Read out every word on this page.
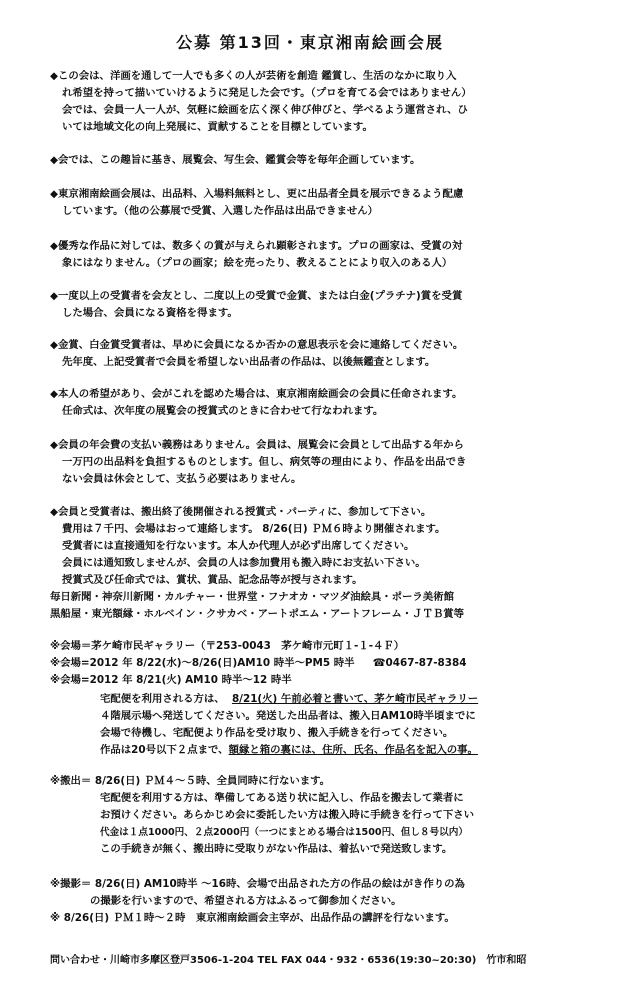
公募 第13回・東京湘南絵画会展
◆この会は、洋画を通して一人でも多くの人が芸術を創造 鑑賞し、生活のなかに取り入
れ希望を持って描いていけるように発足した会です。（プロを育てる会ではありません）
会では、会員一人一人が、気軽に絵画を広く深く伸び伸びと、学べるよう運営され、ひ
いては地域文化の向上発展に、貢献することを目標としています。
◆会では、この趣旨に基き、展覧会、写生会、鑑賞会等を毎年企画しています。
◆東京湘南絵画会展は、出品料、入場料無料とし、更に出品者全員を展示できるよう配慮
しています。（他の公募展で受賞、入選した作品は出品できません）
◆優秀な作品に対しては、数多くの賞が与えられ顕彰されます。プロの画家は、受賞の対
象にはなりません。（プロの画家；絵を売ったり、教えることにより収入のある人）
◆一度以上の受賞者を会友とし、二度以上の受賞で金賞、または白金(プラチナ)賞を受賞
した場合、会員になる資格を得ます。
◆金賞、白金賞受賞者は、早めに会員になるか否かの意思表示を会に連絡してください。
先年度、上記受賞者で会員を希望しない出品者の作品は、以後無鑑査とします。
◆本人の希望があり、会がこれを認めた場合は、東京湘南絵画会の会員に任命されます。
任命式は、次年度の展覧会の授賞式のときに合わせて行なわれます。
◆会員の年会費の支払い義務はありません。会員は、展覧会に会員として出品する年から
一万円の出品料を負担するものとします。但し、病気等の理由により、作品を出品でき
ない会員は休会として、支払う必要はありません。
◆会員と受賞者は、搬出終了後開催される授賞式・パーティに、参加して下さい。
費用は７千円、会場はおって連絡します。 8/26(日) ＰＭ６時より開催されます。
受賞者には直接通知を行ないます。本人か代理人が必ず出席してください。
会員には通知致しませんが、会員の人は参加費用も搬入時にお支払い下さい。
授賞式及び任命式では、賞状、賞品、記念品等が授与されます。
毎日新聞・神奈川新聞・カルチャー・世界堂・フナオカ・マツダ油絵具・ポーラ美術館
黒船屋・東光額縁・ホルベイン・クサカベ・アートポエム・アートフレーム・ＪＴＢ賞等
※会場＝茅ケ崎市民ギャラリー（〒253-0043　茅ケ崎市元町１-１-４Ｆ）
※会場=2012 年 8/22(水)～8/26(日)AM10 時半～PM5 時半 ☎0467-87-8384
※会場=2012 年 8/21(火) AM10 時半～12 時半
宅配便を利用される方は、 8/21(火) 午前必着と書いて、茅ケ崎市民ギャラリー
４階展示場へ発送してください。発送した出品者は、搬入日AM10時半頃までに
会場で待機し、宅配便より作品を受け取り、搬入手続きを行ってください。
作品は20号以下２点まで、額縁と箱の裏には、住所、氏名、作品名を記入の事。
※搬出＝ 8/26(日) ＰＭ４～５時、全員同時に行ないます。
宅配便を利用する方は、準備してある送り状に記入し、作品を搬去して業者に
お預けください。あらかじめ会に委託したい方は搬入時に手続きを行って下さい
代金は１点1000円、２点2000円（一つにまとめる場合は1500円、但し８号以内）
この手続きが無く、搬出時に受取りがない作品は、着払いで発送致します。
※撮影＝ 8/26(日) AM10時半 ～16時、会場で出品された方の作品の絵はがき作りの為
の撮影を行いますので、希望される方はふるって御参加ください。
※ 8/26(日) ＰＭ１時～２時　東京湘南絵画会主宰が、出品作品の講評を行ないます。
問い合わせ・川崎市多摩区登戸3506-1-204 TEL FAX 044・932・6536(19:30~20:30)　竹市和昭
